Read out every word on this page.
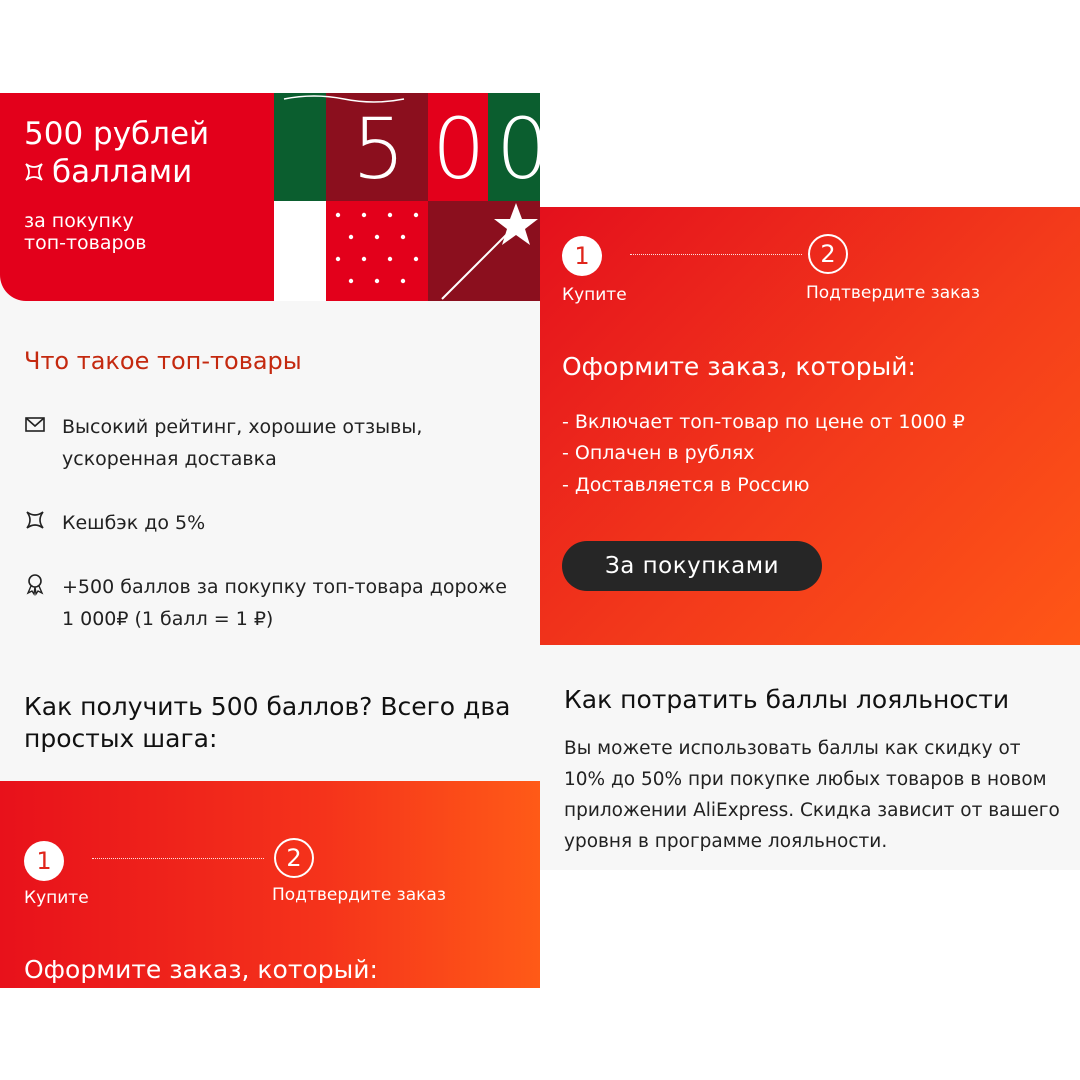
500 рублей
баллами
за покупку
топ-товаров
5 0 0
Что такое топ-товары
Высокий рейтинг, хорошие отзывы,
ускоренная доставка
Кешбэк до 5%
+500 баллов за покупку топ-товара дороже
1 000₽ (1 балл = 1 ₽)
Как получить 500 баллов? Всего два
простых шага:
1	2
Купите	Подтвердите заказ
Оформите заказ, который:
1	2
Купите	Подтвердите заказ
Оформите заказ, который:
- Включает топ-товар по цене от 1000 ₽
- Оплачен в рублях
- Доставляется в Россию
За покупками
Как потратить баллы лояльности
Вы можете использовать баллы как скидку от
10% до 50% при покупке любых товаров в новом
приложении AliExpress. Скидка зависит от вашего
уровня в программе лояльности.
